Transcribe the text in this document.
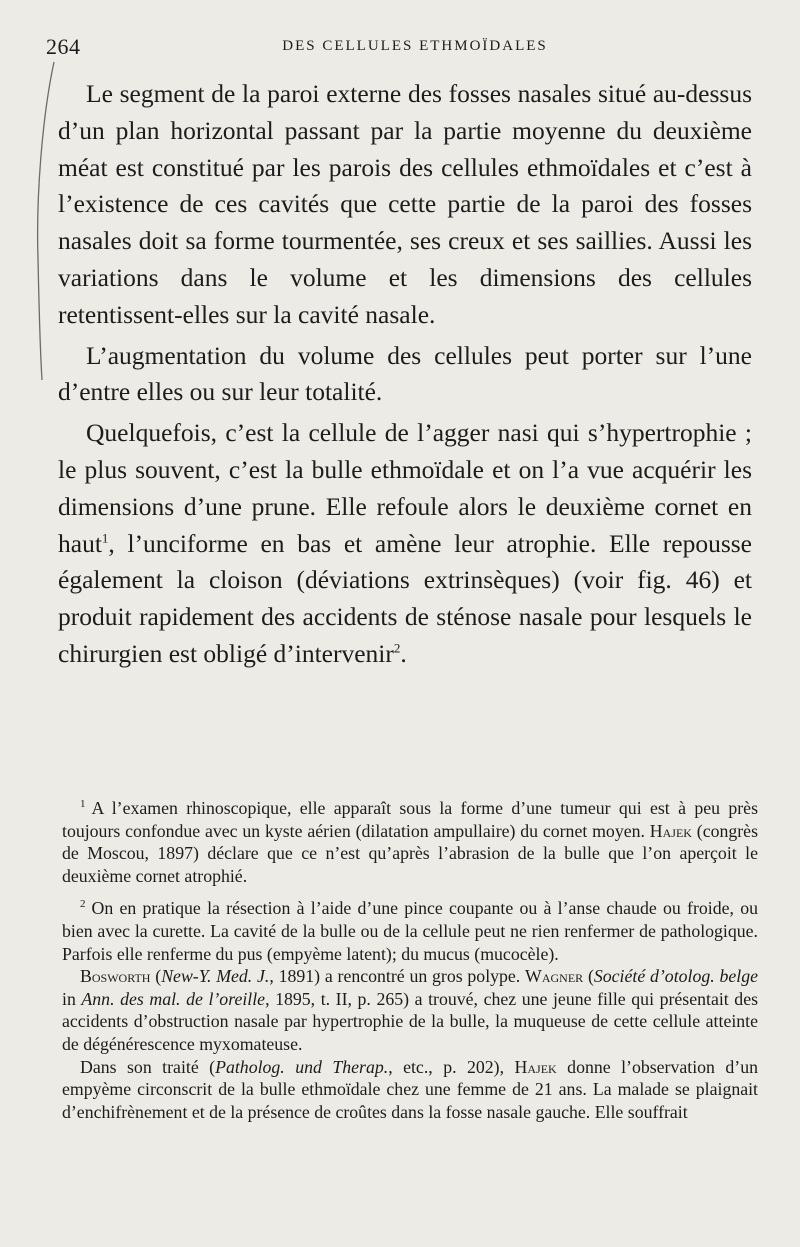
264	DES CELLULES ETHMOÏDALES

Le segment de la paroi externe des fosses nasales situé au-dessus d’un plan horizontal passant par la partie moyenne du deuxième méat est constitué par les parois des cellules ethmoïdales et c’est à l’existence de ces cavités que cette partie de la paroi des fosses nasales doit sa forme tourmentée, ses creux et ses saillies. Aussi les variations dans le volume et les dimensions des cellules retentissent-elles sur la cavité nasale.

L’augmentation du volume des cellules peut porter sur l’une d’entre elles ou sur leur totalité.

Quelquefois, c’est la cellule de l’agger nasi qui s’hypertrophie ; le plus souvent, c’est la bulle ethmoïdale et on l’a vue acquérir les dimensions d’une prune. Elle refoule alors le deuxième cornet en haut$^1$, l’unciforme en bas et amène leur atrophie. Elle repousse également la cloison (déviations extrinsèques) (voir fig. 46) et produit rapidement des accidents de sténose nasale pour lesquels le chirurgien est obligé d’intervenir$^2$.

$^1$ A l’examen rhinoscopique, elle apparaît sous la forme d’une tumeur qui est à peu près toujours confondue avec un kyste aérien (dilatation ampullaire) du cornet moyen. Hajek (congrès de Moscou, 1897) déclare que ce n’est qu’après l’abrasion de la bulle que l’on aperçoit le deuxième cornet atrophié.

$^2$ On en pratique la résection à l’aide d’une pince coupante ou à l’anse chaude ou froide, ou bien avec la curette. La cavité de la bulle ou de la cellule peut ne rien renfermer de pathologique. Parfois elle renferme du pus (empyème latent); du mucus (mucocèle).

Bosworth (New-Y. Med. J., 1891) a rencontré un gros polype. Wagner (Société d’otolog. belge in Ann. des mal. de l’oreille, 1895, t. II, p. 265) a trouvé, chez une jeune fille qui présentait des accidents d’obstruction nasale par hypertrophie de la bulle, la muqueuse de cette cellule atteinte de dégénérescence myxomateuse.

Dans son traité (Patholog. und Therap., etc., p. 202), Hajek donne l’observation d’un empyème circonscrit de la bulle ethmoïdale chez une femme de 21 ans. La malade se plaignait d’enchifrènement et de la présence de croûtes dans la fosse nasale gauche. Elle souffrait
